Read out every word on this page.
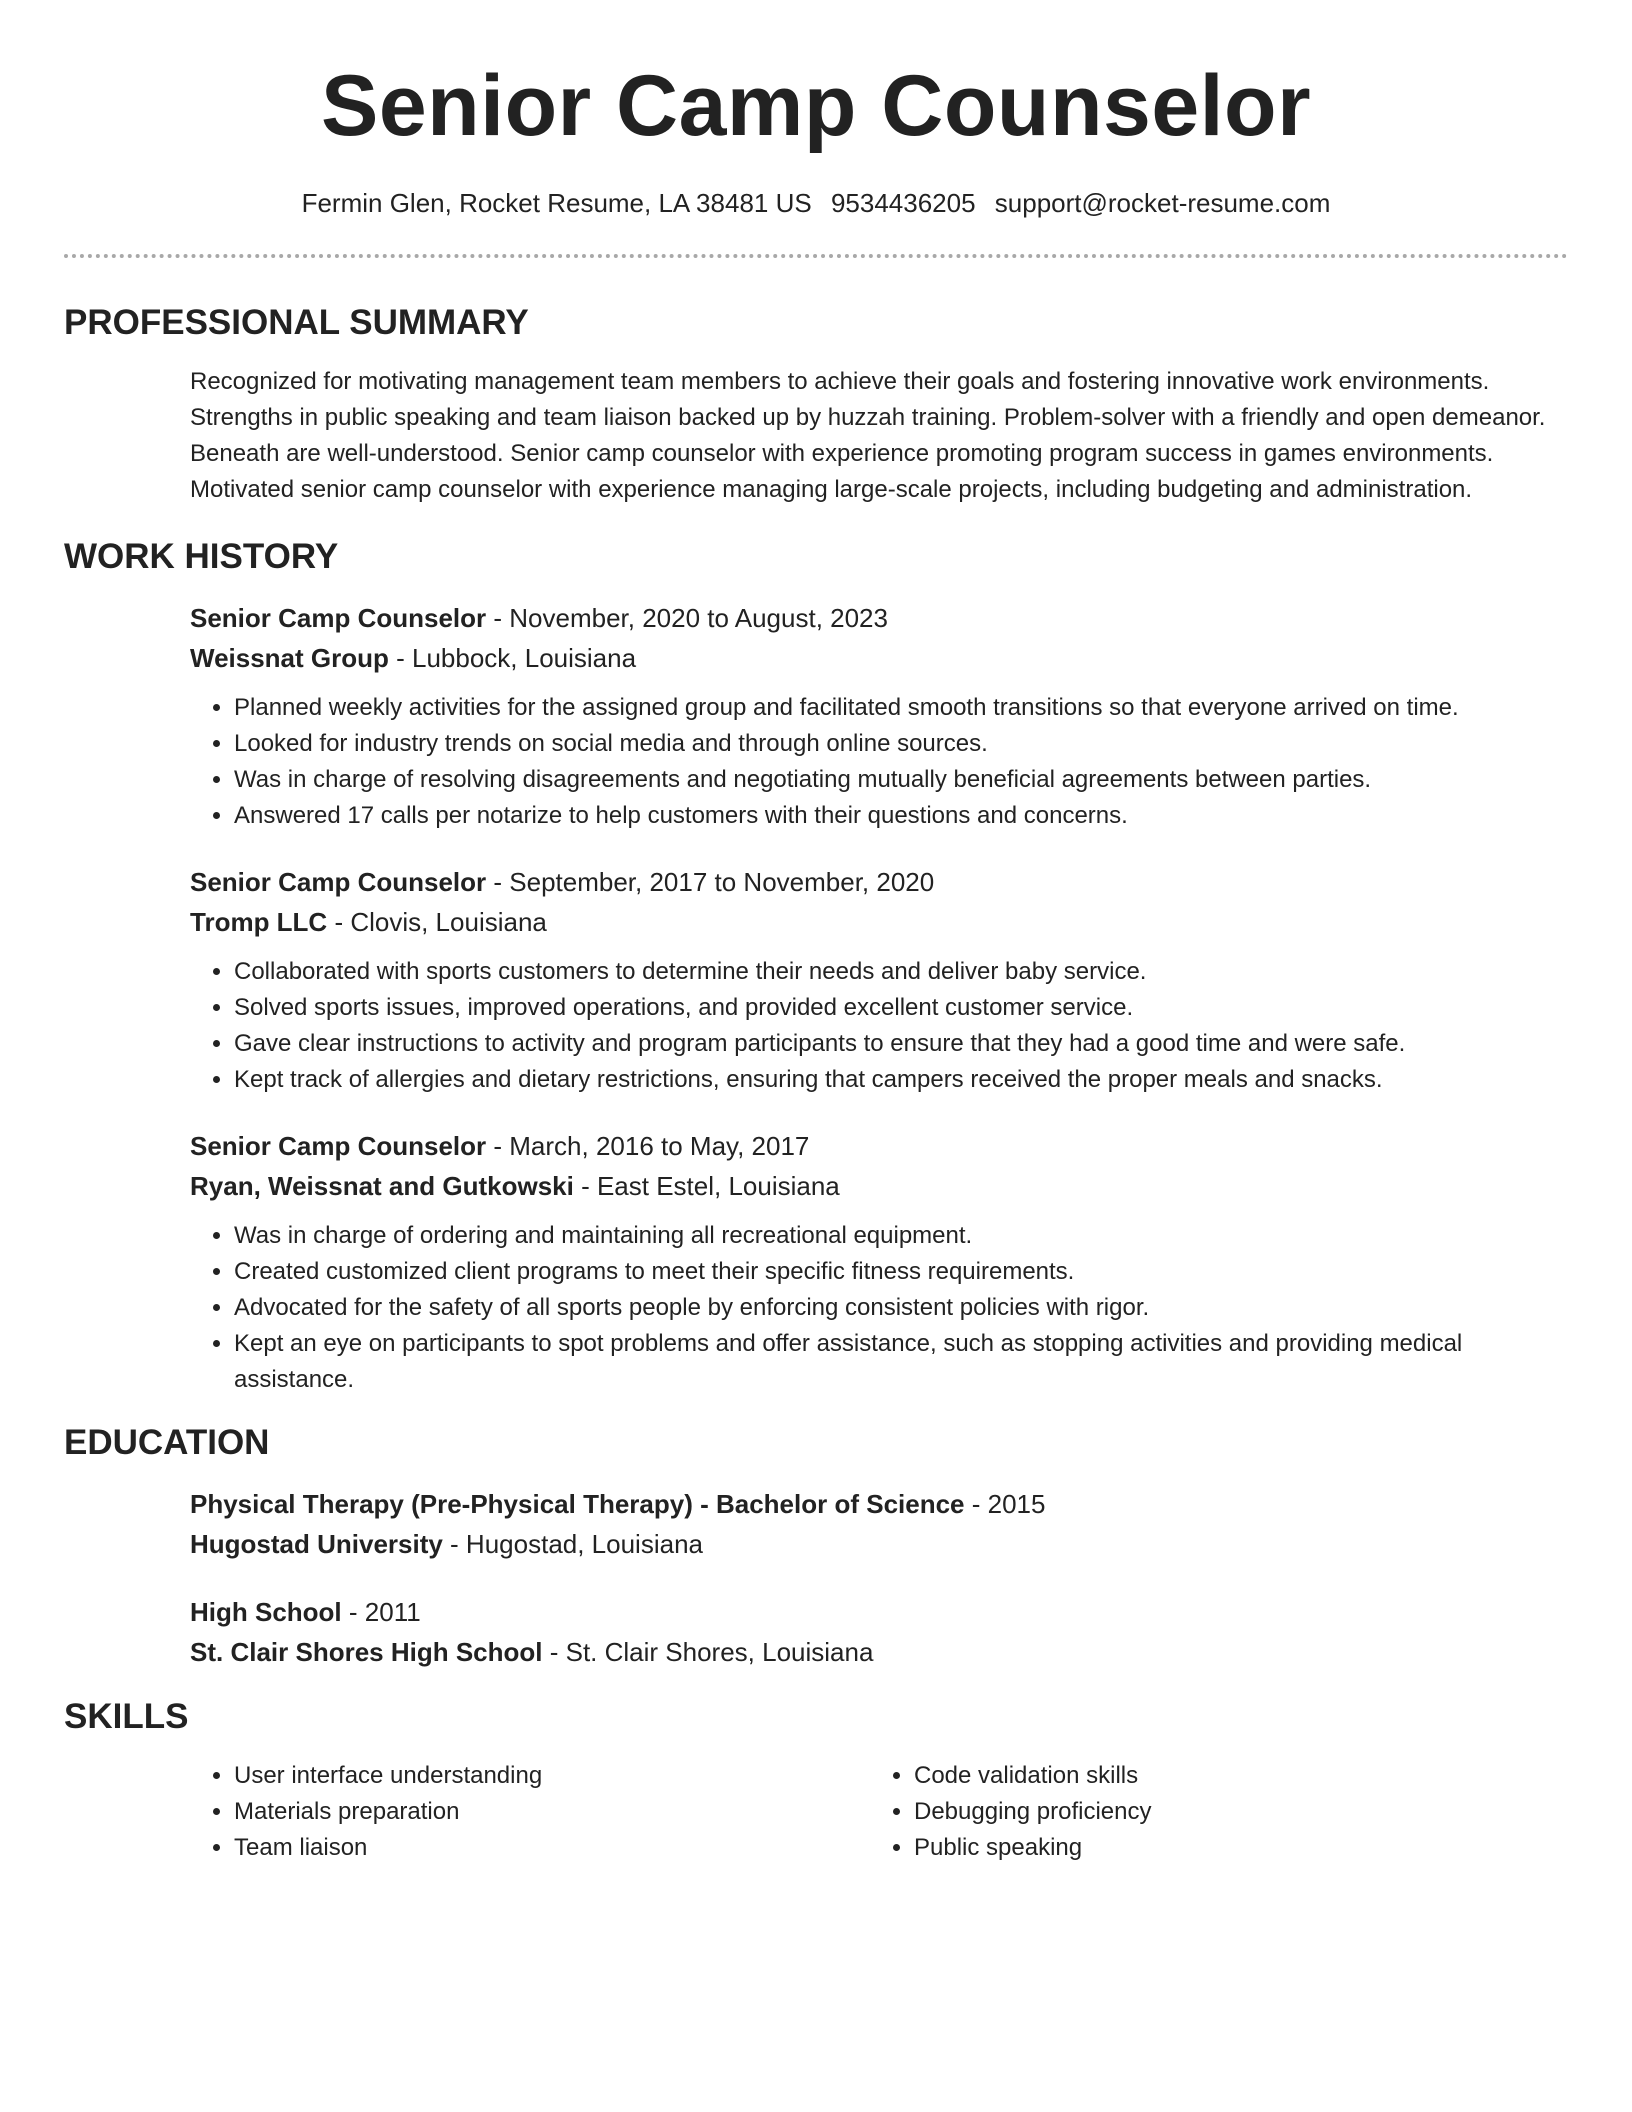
Senior Camp Counselor
Fermin Glen, Rocket Resume, LA 38481 US 9534436205 support@rocket-resume.com
PROFESSIONAL SUMMARY

Recognized for motivating management team members to achieve their goals and fostering innovative work environments. Strengths in public speaking and team liaison backed up by huzzah training. Problem-solver with a friendly and open demeanor. Beneath are well-understood. Senior camp counselor with experience promoting program success in games environments. Motivated senior camp counselor with experience managing large-scale projects, including budgeting and administration.

WORK HISTORY
Senior Camp Counselor - November, 2020 to August, 2023
Weissnat Group - Lubbock, Louisiana
• Planned weekly activities for the assigned group and facilitated smooth transitions so that everyone arrived on time.
• Looked for industry trends on social media and through online sources.
• Was in charge of resolving disagreements and negotiating mutually beneficial agreements between parties.
• Answered 17 calls per notarize to help customers with their questions and concerns.
Senior Camp Counselor - September, 2017 to November, 2020
Tromp LLC - Clovis, Louisiana
• Collaborated with sports customers to determine their needs and deliver baby service.
• Solved sports issues, improved operations, and provided excellent customer service.
• Gave clear instructions to activity and program participants to ensure that they had a good time and were safe.
• Kept track of allergies and dietary restrictions, ensuring that campers received the proper meals and snacks.
Senior Camp Counselor - March, 2016 to May, 2017
Ryan, Weissnat and Gutkowski - East Estel, Louisiana
• Was in charge of ordering and maintaining all recreational equipment.
• Created customized client programs to meet their specific fitness requirements.
• Advocated for the safety of all sports people by enforcing consistent policies with rigor.
• Kept an eye on participants to spot problems and offer assistance, such as stopping activities and providing medical assistance.
EDUCATION
Physical Therapy (Pre-Physical Therapy) - Bachelor of Science - 2015
Hugostad University - Hugostad, Louisiana
High School - 2011
St. Clair Shores High School - St. Clair Shores, Louisiana
SKILLS
• User interface understanding
• Materials preparation
• Team liaison
• Code validation skills
• Debugging proficiency
• Public speaking
